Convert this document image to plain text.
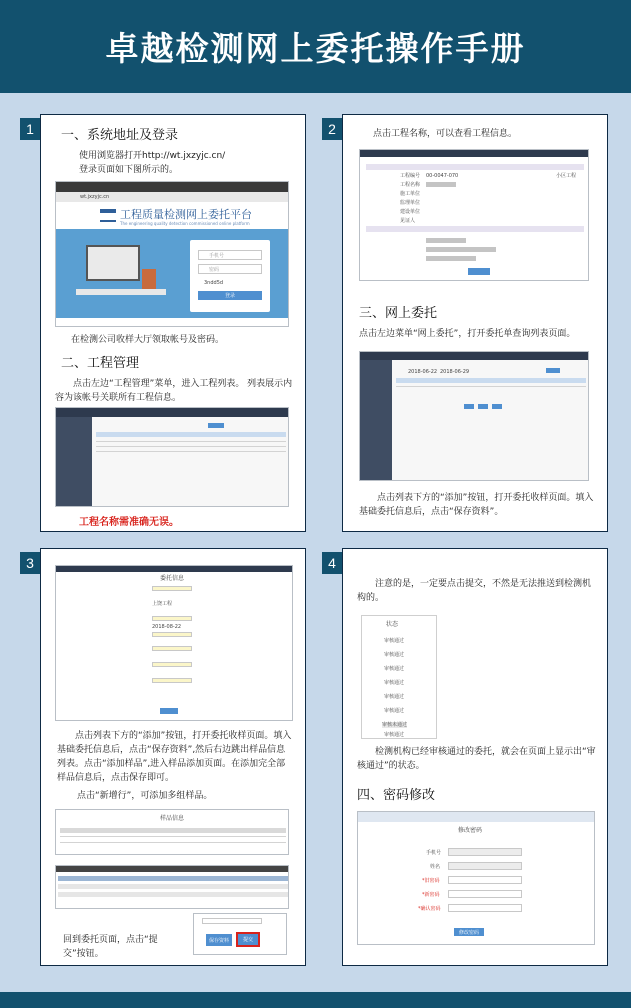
卓越检测网上委托操作手册
一、系统地址及登录
使用浏览器打开http://wt.jxzyjc.cn/
登录页面如下图所示的。
wt.jxzyjc.cn
工程质量检测网上委托平台
The engineering quality detection commissioned online platform
手机号
密码
3ndd5d
登录
在检测公司收样大厅领取帐号及密码。
二、工程管理
点击左边“工程管理”菜单，进入工程列表。 列表展示内容为该帐号关联所有工程信息。
工程名称需准确无误。
1	点击工程名称，可以查看工程信息。
工程编号 00-0047-070
工程名称
小区工程
施工单位
监理单位
建设单位
见证人
三、网上委托
点击左边菜单“网上委托”，打开委托单查询列表页面。
2018-06-22 2018-06-29
点击列表下方的“添加”按钮，打开委托收样页面。填入基础委托信息后，点击“保存资料”。
2
委托信息
上饶工程
2018-08-22
点击列表下方的“添加”按钮，打开委托收样页面。填入基础委托信息后，点击“保存资料”,然后右边跳出样品信息列表。点击“添加样品”,进入样品添加页面。在添加完全部样品信息后，点击保存即可。
点击“新增行”，可添加多组样品。
样品信息
回到委托页面，点击“提交”按钮。
保存资料	提交
3
注意的是，一定要点击提交，不然是无法推送到检测机构的。
状态
审核通过
审核通过
审核通过
审核通过
审核通过
审核通过
审核未通过
审核通过
检测机构已经审核通过的委托，就会在页面上显示出“审核通过”的状态。
四、密码修改
修改密码
手机号
姓名
*旧密码
*新密码
*确认密码
修改密码
4
